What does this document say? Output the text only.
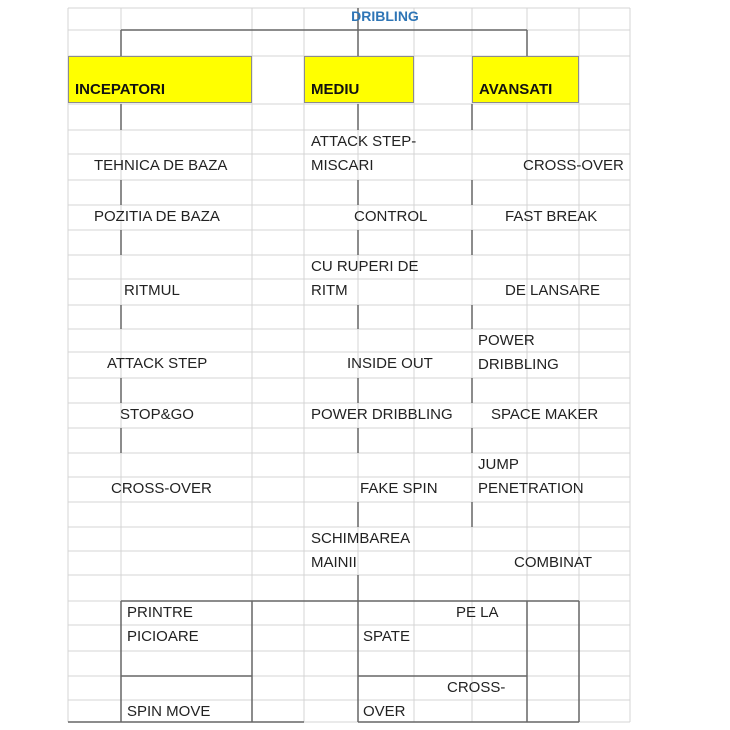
DRIBLING
INCEPATORI	MEDIU	AVANSATI
TEHNICA DE BAZA
POZITIA DE BAZA
RITMUL
ATTACK STEP
STOP&GO
CROSS-OVER
ATTACK STEP-
MISCARI
CONTROL
CU RUPERI DE
RITM
INSIDE OUT
POWER DRIBBLING
FAKE SPIN
SCHIMBAREA
MAINII
CROSS-OVER
FAST BREAK
DE LANSARE
POWER
DRIBBLING
SPACE MAKER
JUMP
PENETRATION
COMBINAT
PRINTRE
PICIOARE
PE LA
SPATE
SPIN MOVE
CROSS-
OVER
